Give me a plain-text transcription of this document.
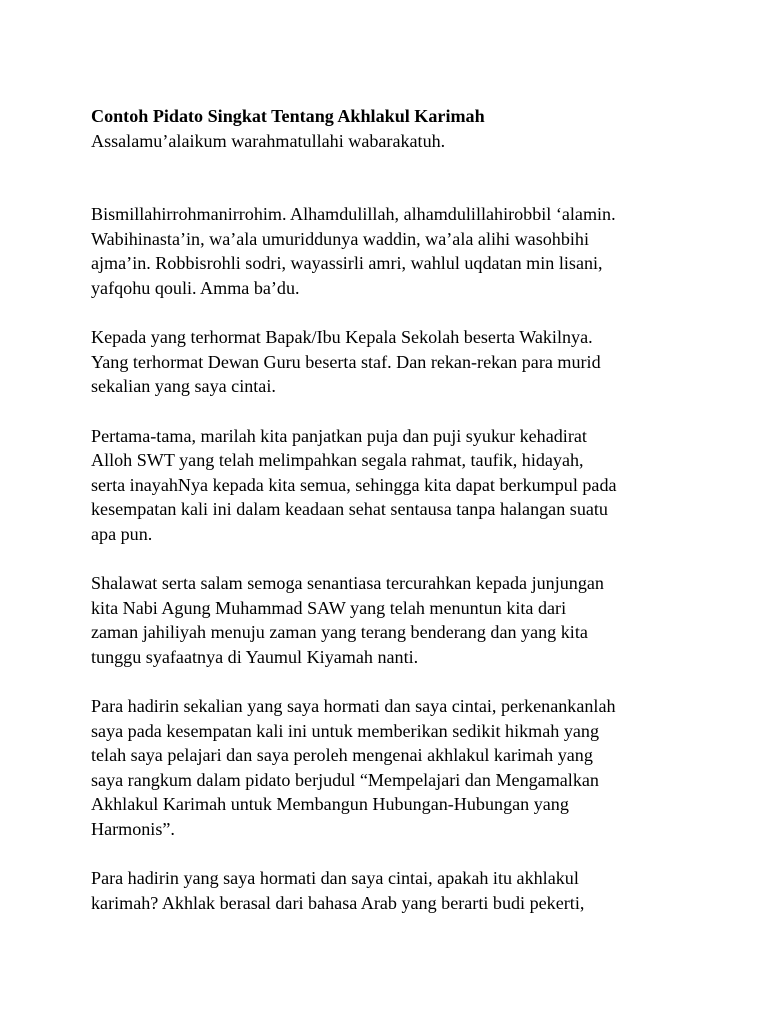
Contoh Pidato Singkat Tentang Akhlakul Karimah
Assalamu’alaikum warahmatullahi wabarakatuh.
Bismillahirrohmanirrohim. Alhamdulillah, alhamdulillahirobbil ‘alamin.
Wabihinasta’in, wa’ala umuriddunya waddin, wa’ala alihi wasohbihi
ajma’in. Robbisrohli sodri, wayassirli amri, wahlul uqdatan min lisani,
yafqohu qouli. Amma ba’du.
Kepada yang terhormat Bapak/Ibu Kepala Sekolah beserta Wakilnya.
Yang terhormat Dewan Guru beserta staf. Dan rekan-rekan para murid
sekalian yang saya cintai.
Pertama-tama, marilah kita panjatkan puja dan puji syukur kehadirat
Alloh SWT yang telah melimpahkan segala rahmat, taufik, hidayah,
serta inayahNya kepada kita semua, sehingga kita dapat berkumpul pada
kesempatan kali ini dalam keadaan sehat sentausa tanpa halangan suatu
apa pun.
Shalawat serta salam semoga senantiasa tercurahkan kepada junjungan
kita Nabi Agung Muhammad SAW yang telah menuntun kita dari
zaman jahiliyah menuju zaman yang terang benderang dan yang kita
tunggu syafaatnya di Yaumul Kiyamah nanti.
Para hadirin sekalian yang saya hormati dan saya cintai, perkenankanlah
saya pada kesempatan kali ini untuk memberikan sedikit hikmah yang
telah saya pelajari dan saya peroleh mengenai akhlakul karimah yang
saya rangkum dalam pidato berjudul “Mempelajari dan Mengamalkan
Akhlakul Karimah untuk Membangun Hubungan-Hubungan yang
Harmonis”.
Para hadirin yang saya hormati dan saya cintai, apakah itu akhlakul
karimah? Akhlak berasal dari bahasa Arab yang berarti budi pekerti,
